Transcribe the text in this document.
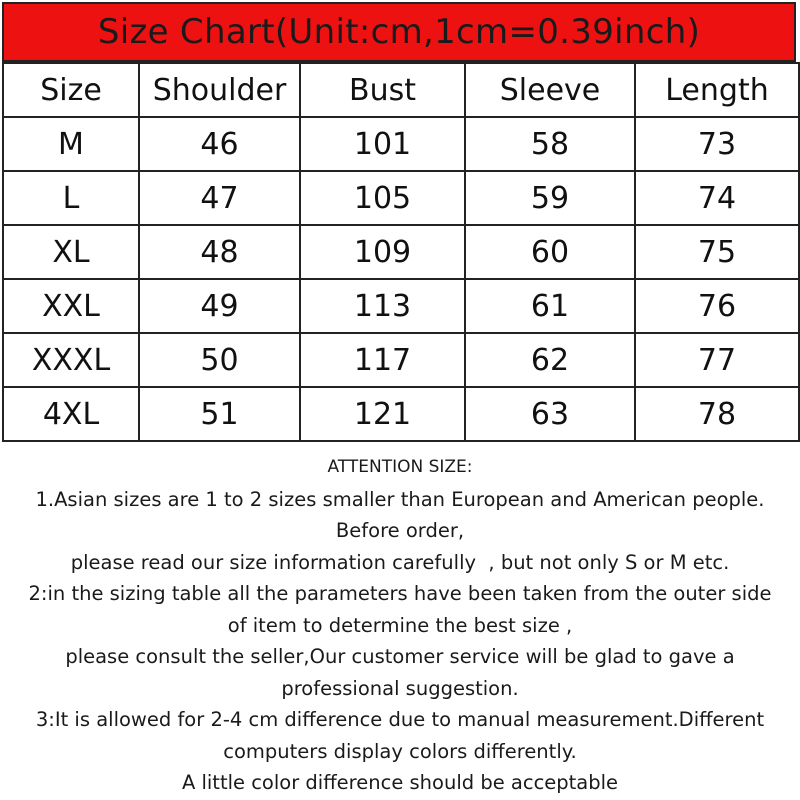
Size Chart(Unit:cm,1cm=0.39inch)
Size	Shoulder	Bust	Sleeve	Length
M	46	101	58	73
L	47	105	59	74
XL	48	109	60	75
XXL	49	113	61	76
XXXL	50	117	62	77
4XL	51	121	63	78
ATTENTION SIZE:
1.Asian sizes are 1 to 2 sizes smaller than European and American people.
Before order,
please read our size information carefully  , but not only S or M etc.
2:in the sizing table all the parameters have been taken from the outer side
of item to determine the best size ,
please consult the seller,Our customer service will be glad to gave a
professional suggestion.
3:It is allowed for 2-4 cm difference due to manual measurement.Different
computers display colors differently.
A little color difference should be acceptable
